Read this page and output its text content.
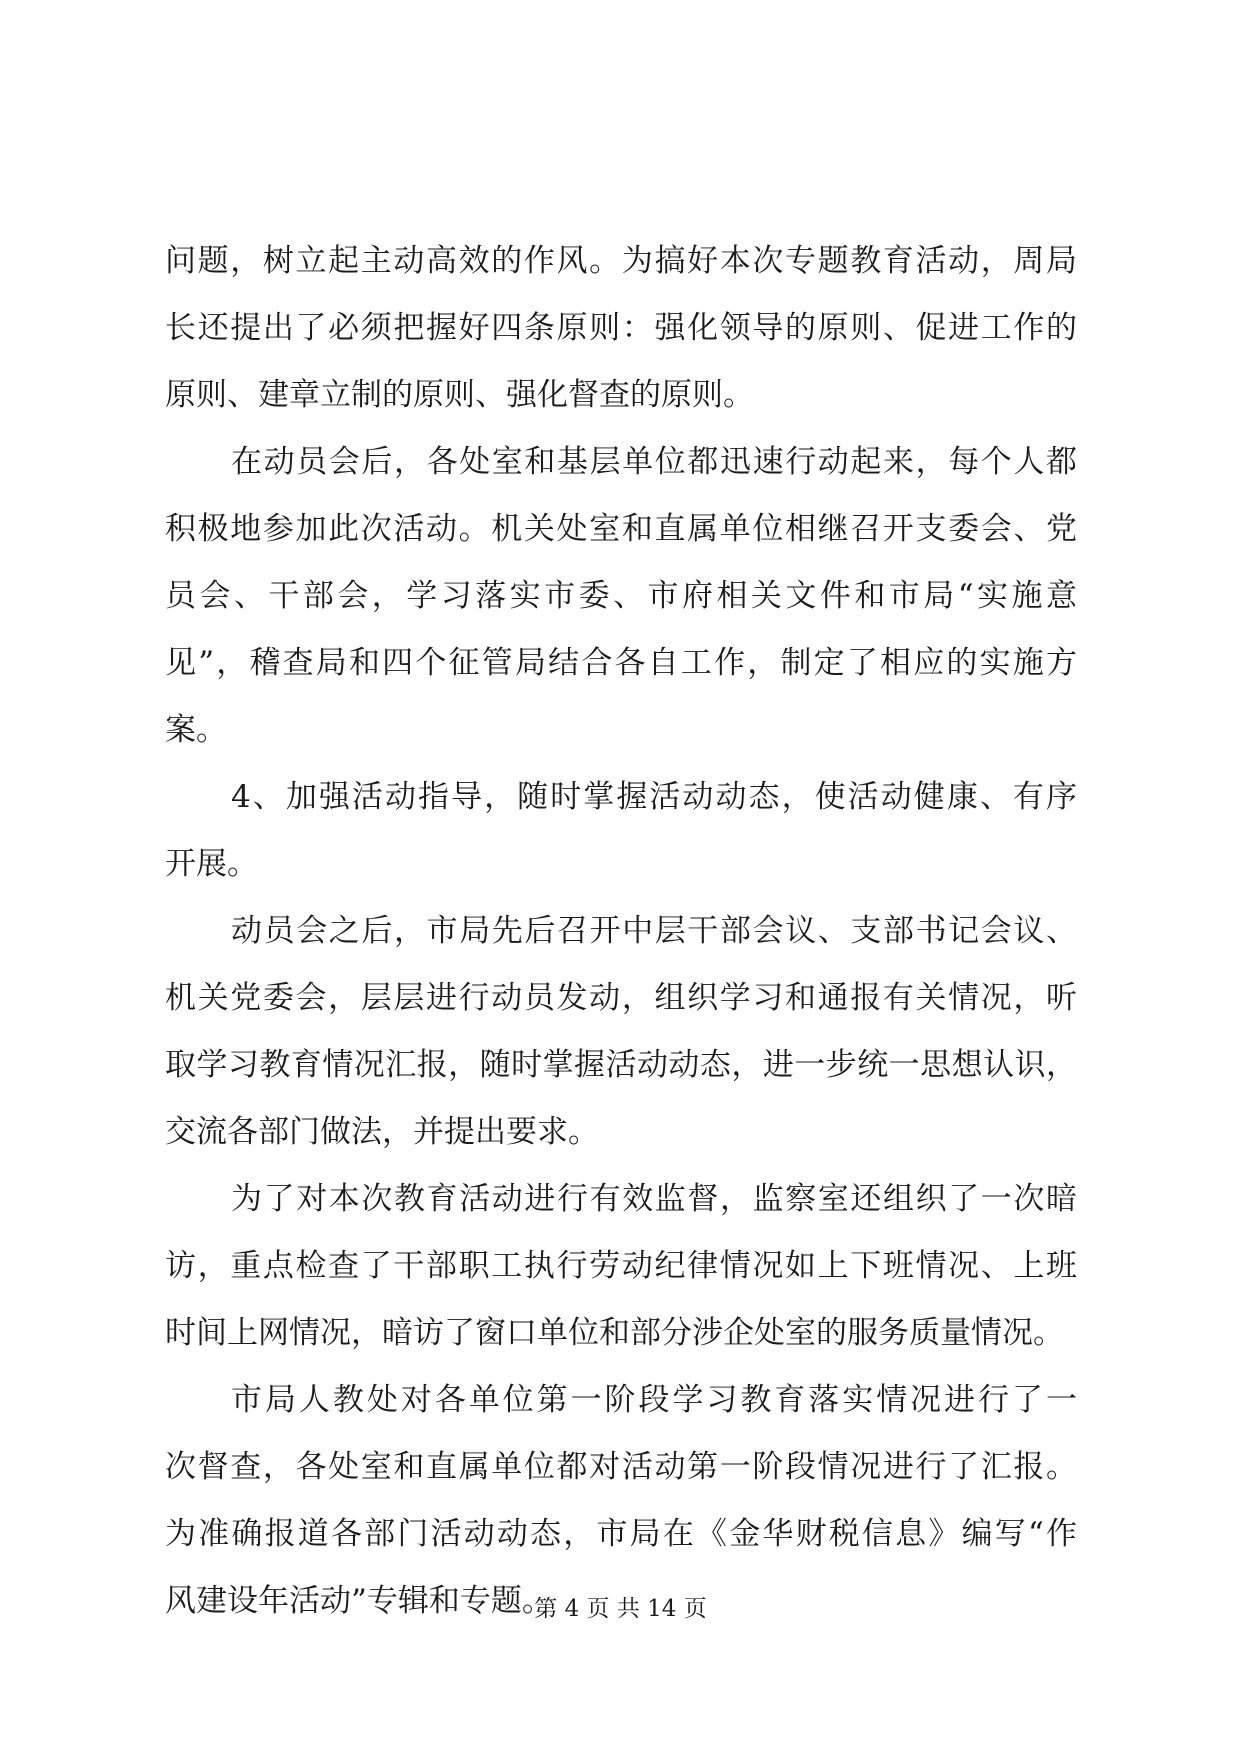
问题，树立起主动高效的作风。为搞好本次专题教育活动，周局
长还提出了必须把握好四条原则：强化领导的原则、促进工作的
原则、建章立制的原则、强化督查的原则。
在动员会后，各处室和基层单位都迅速行动起来，每个人都
积极地参加此次活动。机关处室和直属单位相继召开支委会、党
员会、干部会，学习落实市委、市府相关文件和市局“实施意
见”，稽查局和四个征管局结合各自工作，制定了相应的实施方
案。
4、加强活动指导，随时掌握活动动态，使活动健康、有序
开展。
动员会之后，市局先后召开中层干部会议、支部书记会议、
机关党委会，层层进行动员发动，组织学习和通报有关情况，听
取学习教育情况汇报，随时掌握活动动态，进一步统一思想认识，
交流各部门做法，并提出要求。
为了对本次教育活动进行有效监督，监察室还组织了一次暗
访，重点检查了干部职工执行劳动纪律情况如上下班情况、上班
时间上网情况，暗访了窗口单位和部分涉企处室的服务质量情况。
市局人教处对各单位第一阶段学习教育落实情况进行了一
次督查，各处室和直属单位都对活动第一阶段情况进行了汇报。
为准确报道各部门活动动态，市局在《金华财税信息》编写“作
风建设年活动”专辑和专题。
第 4 页 共 14 页
